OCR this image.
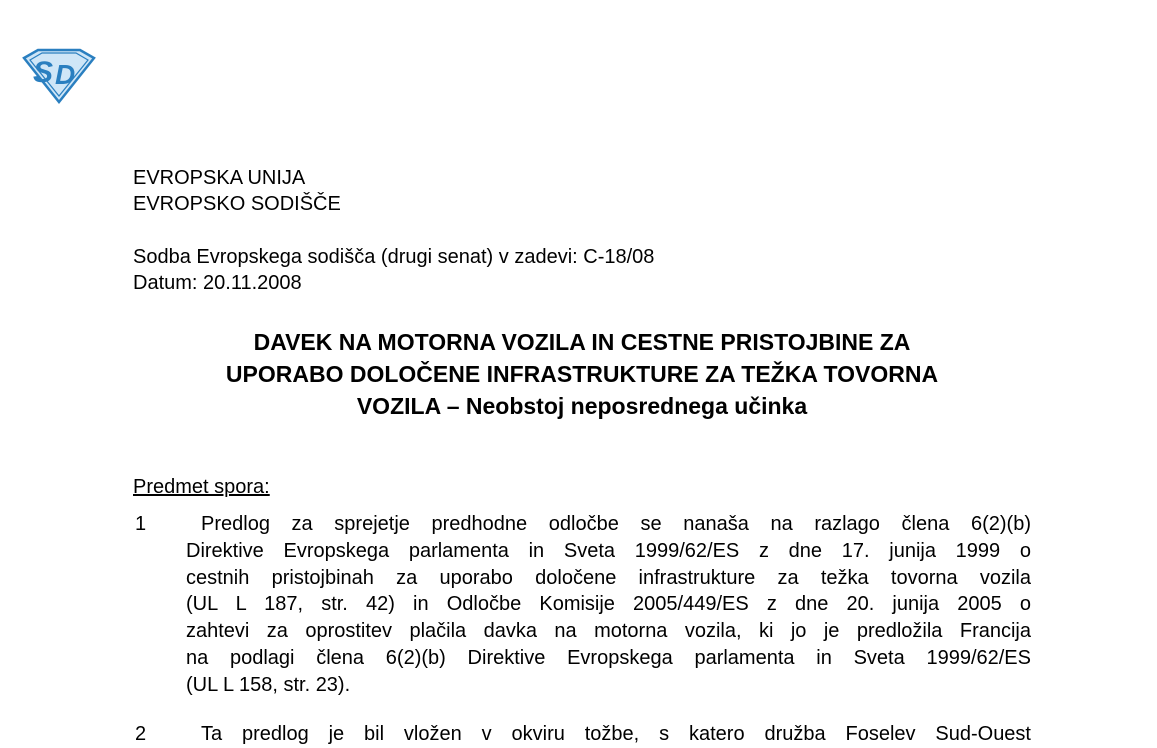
S D
EVROPSKA UNIJA
EVROPSKO SODIŠČE
Sodba Evropskega sodišča (drugi senat) v zadevi: C-18/08
Datum: 20.11.2008
DAVEK NA MOTORNA VOZILA IN CESTNE PRISTOJBINE ZA
UPORABO DOLOČENE INFRASTRUKTURE ZA TEŽKA TOVORNA
VOZILA – Neobstoj neposrednega učinka
Predmet spora:
1	Predlog za sprejetje predhodne odločbe se nanaša na razlago člena 6(2)(b)
Direktive Evropskega parlamenta in Sveta 1999/62/ES z dne 17. junija 1999 o
cestnih pristojbinah za uporabo določene infrastrukture za težka tovorna vozila
(UL L 187, str. 42) in Odločbe Komisije 2005/449/ES z dne 20. junija 2005 o
zahtevi za oprostitev plačila davka na motorna vozila, ki jo je predložila Francija
na podlagi člena 6(2)(b) Direktive Evropskega parlamenta in Sveta 1999/62/ES
(UL L 158, str. 23).
2	Ta predlog je bil vložen v okviru tožbe, s katero družba Foselev Sud-Ouest
